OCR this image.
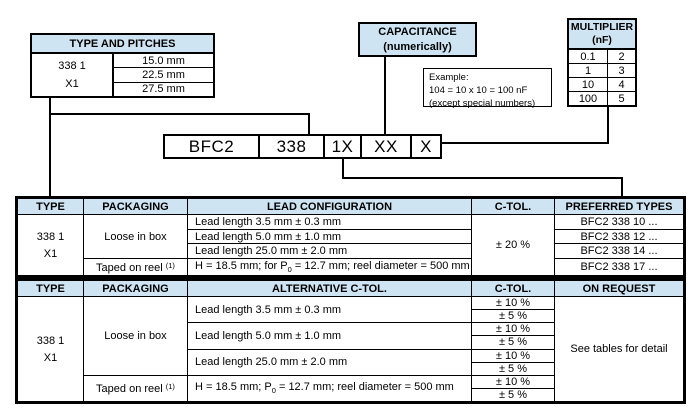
TYPE AND PITCHES
338 1
X1
15.0 mm
22.5 mm
27.5 mm
CAPACITANCE
(numerically)
Example:
104 = 10 x 10 = 100 nF
(except special numbers)
MULTIPLIER
(nF)
0.1	2
1	3
10	4
100	5
BFC2	338	1X	XX	X
TYPE	PACKAGING	LEAD CONFIGURATION	C-TOL.	PREFERRED TYPES

338 1
X1	Loose in box	Lead length 3.5 mm ± 0.3 mm	± 20 %	BFC2 338 10 ...
		Lead length 5.0 mm ± 1.0 mm		BFC2 338 12 ...
		Lead length 25.0 mm ± 2.0 mm		BFC2 338 14 ...
	Taped on reel $^{(1)}$	H = 18.5 mm; for $P_0 = 12.7$ mm; reel diameter = 500 mm		BFC2 338 17 ...
TYPE	PACKAGING	ALTERNATIVE C-TOL.	C-TOL.	ON REQUEST

338 1
X1	Loose in box	Lead length 3.5 mm ± 0.3 mm	± 10 %	See tables for detail
			± 5 %	
		Lead length 5.0 mm ± 1.0 mm	± 10 %	
			± 5 %	
		Lead length 25.0 mm ± 2.0 mm	± 10 %	
			± 5 %	
	Taped on reel $^{(1)}$	H = 18.5 mm; $P_0 = 12.7$ mm; reel diameter = 500 mm	± 10 %	
			± 5 %	
